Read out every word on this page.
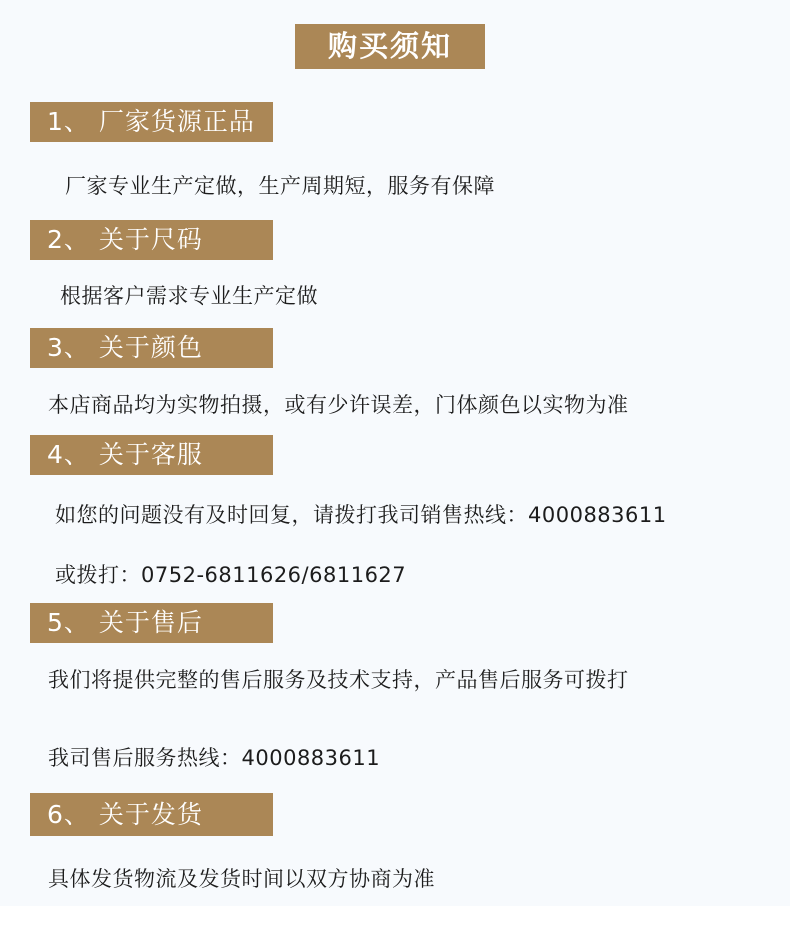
购买须知
1、 厂家货源正品

厂家专业生产定做，生产周期短，服务有保障

2、 关于尺码

根据客户需求专业生产定做

3、 关于颜色

本店商品均为实物拍摄，或有少许误差，门体颜色以实物为准

4、 关于客服

如您的问题没有及时回复，请拨打我司销售热线：4000883611

或拨打：0752-6811626/6811627

5、 关于售后

我们将提供完整的售后服务及技术支持，产品售后服务可拨打

我司售后服务热线：4000883611

6、 关于发货

具体发货物流及发货时间以双方协商为准
